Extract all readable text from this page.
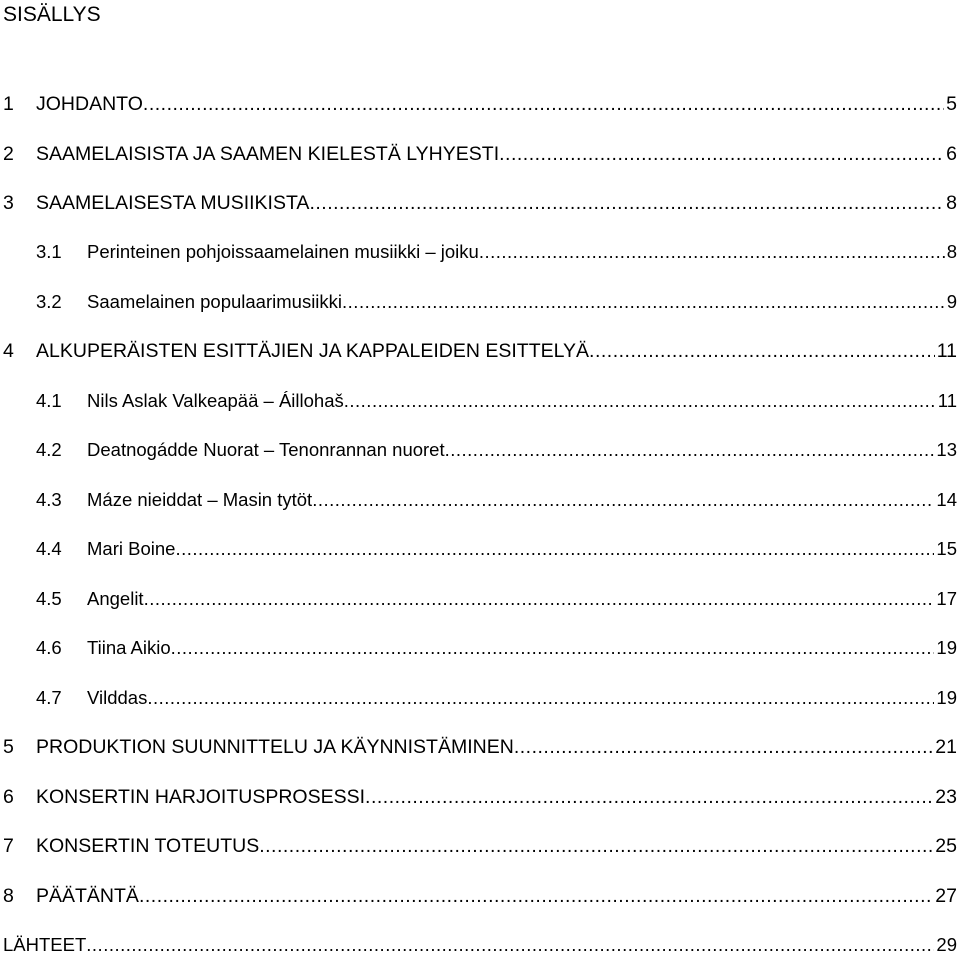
SISÄLLYS
1 JOHDANTO .....	5
2 SAAMELAISISTA JA SAAMEN KIELESTÄ LYHYESTI .....	6
3 SAAMELAISESTA MUSIIKISTA .....	8
3.1 Perinteinen pohjoissaamelainen musiikki – joiku .....	8
3.2 Saamelainen populaarimusiikki .....	9
4 ALKUPERÄISTEN ESITTÄJIEN JA KAPPALEIDEN ESITTELYÄ .....	11
4.1 Nils Aslak Valkeapää – Áillohaš .....	11
4.2 Deatnogádde Nuorat – Tenonrannan nuoret .....	13
4.3 Máze nieiddat – Masin tytöt .....	14
4.4 Mari Boine .....	15
4.5 Angelit .....	17
4.6 Tiina Aikio .....	19
4.7 Vilddas .....	19
5 PRODUKTION SUUNNITTELU JA KÄYNNISTÄMINEN .....	21
6 KONSERTIN HARJOITUSPROSESSI .....	23
7 KONSERTIN TOTEUTUS .....	25
8 PÄÄTÄNTÄ .....	27
LÄHTEET .....	29
